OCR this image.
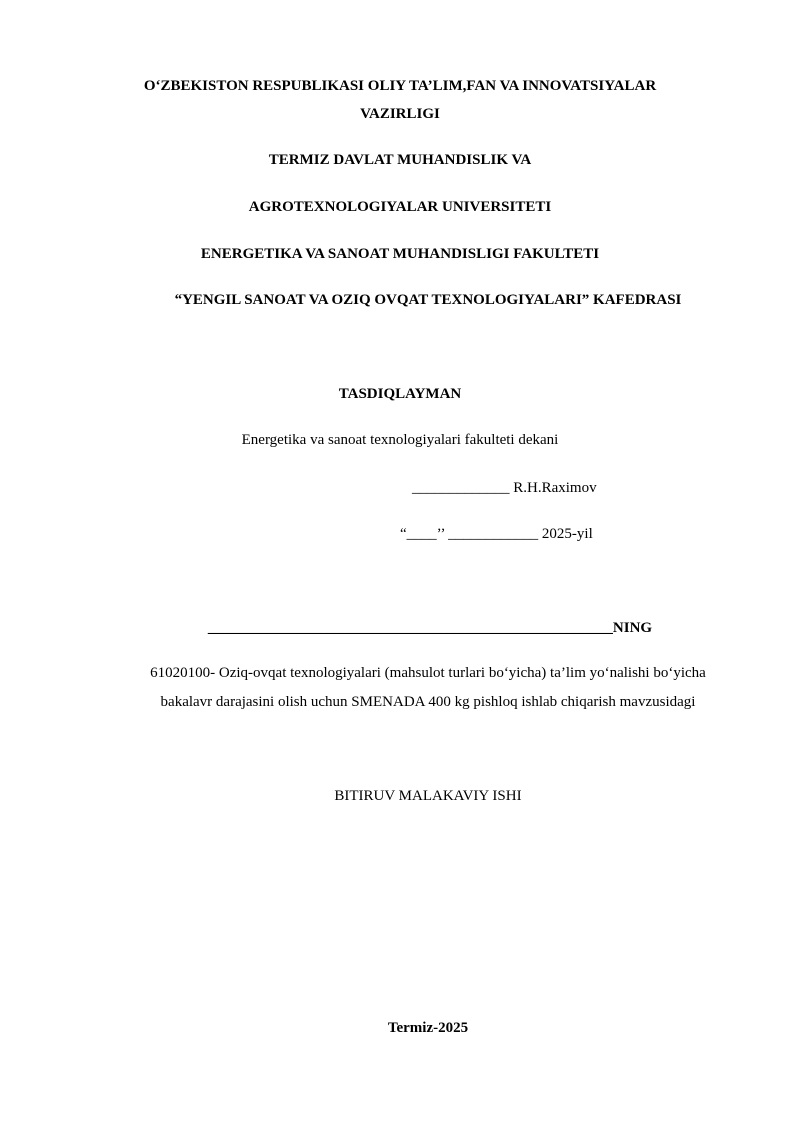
O‘ZBEKISTON RESPUBLIKASI OLIY TA’LIM,FAN VA INNOVATSIYALAR
VAZIRLIGI
TERMIZ DAVLAT MUHANDISLIK VA
AGROTEXNOLOGIYALAR UNIVERSITETI
ENERGETIKA VA SANOAT MUHANDISLIGI FAKULTETI
“YENGIL SANOAT VA OZIQ OVQAT TEXNOLOGIYALARI” KAFEDRASI
TASDIQLAYMAN
Energetika va sanoat texnologiyalari fakulteti dekani
_____________ R.H.Raximov
“____’’ ____________ 2025-yil
______________________________________________________NING
61020100- Oziq-ovqat texnologiyalari (mahsulot turlari bo‘yicha) ta’lim yo‘nalishi bo‘yicha
bakalavr darajasini olish uchun SMENADA 400 kg pishloq ishlab chiqarish mavzusidagi
BITIRUV MALAKAVIY ISHI
Termiz-2025
